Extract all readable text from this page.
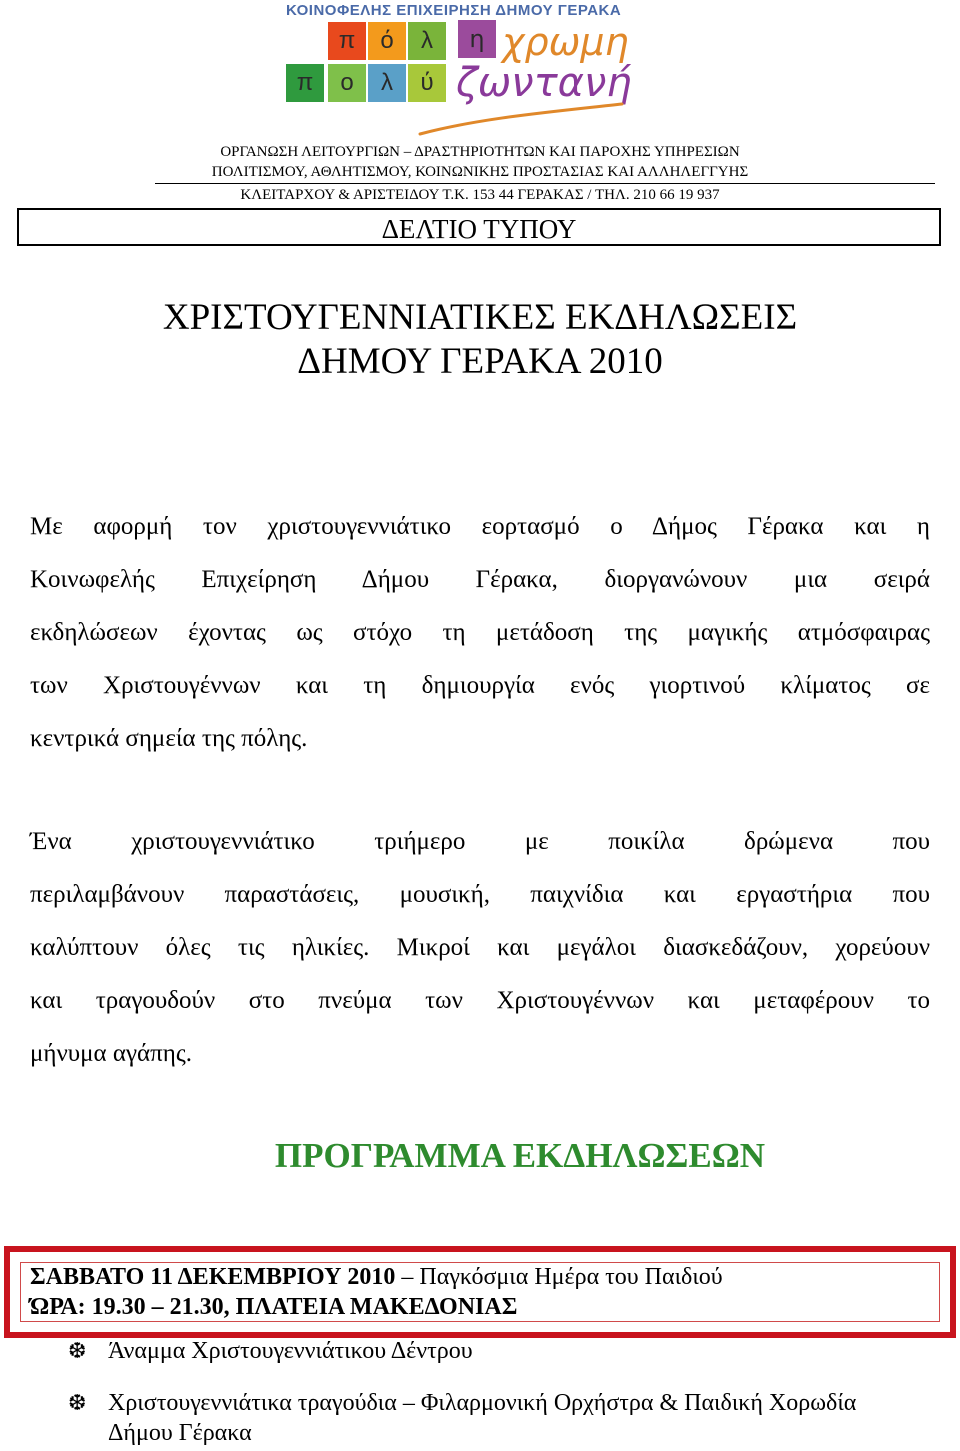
ΚΟΙΝΟΦΕΛΗΣ ΕΠΙΧΕΙΡΗΣΗ ΔΗΜΟΥ ΓΕΡΑΚΑ
π	ό	λ
π	ο	λ	ύ
η χρωμη
ζωντανή
ΟΡΓΑΝΩΣΗ ΛΕΙΤΟΥΡΓΙΩΝ – ΔΡΑΣΤΗΡΙΟΤΗΤΩΝ ΚΑΙ ΠΑΡΟΧΗΣ ΥΠΗΡΕΣΙΩΝ
ΠΟΛΙΤΙΣΜΟΥ, ΑΘΛΗΤΙΣΜΟΥ, ΚΟΙΝΩΝΙΚΗΣ ΠΡΟΣΤΑΣΙΑΣ ΚΑΙ ΑΛΛΗΛΕΓΓΥΗΣ
ΚΛΕΙΤΑΡΧΟΥ & ΑΡΙΣΤΕΙΔΟΥ Τ.Κ. 153 44 ΓΕΡΑΚΑΣ / ΤΗΛ. 210 66 19 937
ΔΕΛΤΙΟ ΤΥΠΟΥ
ΧΡΙΣΤΟΥΓΕΝΝΙΑΤΙΚΕΣ ΕΚΔΗΛΩΣΕΙΣ
ΔΗΜΟΥ ΓΕΡΑΚΑ 2010
Με αφορμή τον χριστουγεννιάτικο εορτασμό ο Δήμος Γέρακα και η
Κοινωφελής Επιχείρηση Δήμου Γέρακα, διοργανώνουν μια σειρά
εκδηλώσεων έχοντας ως στόχο τη μετάδοση της μαγικής ατμόσφαιρας
των Χριστουγέννων και τη δημιουργία ενός γιορτινού κλίματος σε
κεντρικά σημεία της πόλης.
Ένα χριστουγεννιάτικο τριήμερο με ποικίλα δρώμενα που
περιλαμβάνουν παραστάσεις, μουσική, παιχνίδια και εργαστήρια που
καλύπτουν όλες τις ηλικίες. Μικροί και μεγάλοι διασκεδάζουν, χορεύουν
και τραγουδούν στο πνεύμα των Χριστουγέννων και μεταφέρουν το
μήνυμα αγάπης.
ΠΡΟΓΡΑΜΜΑ ΕΚΔΗΛΩΣΕΩΝ
ΣΑΒΒΑΤΟ 11 ΔΕΚΕΜΒΡΙΟΥ 2010 – Παγκόσμια Ημέρα του Παιδιού
ΏΡΑ: 19.30 – 21.30, ΠΛΑΤΕΙΑ ΜΑΚΕΔΟΝΙΑΣ
❆ Άναμμα Χριστουγεννιάτικου Δέντρου
❆ Χριστουγεννιάτικα τραγούδια – Φιλαρμονική Ορχήστρα & Παιδική Χορωδία
Δήμου Γέρακα
